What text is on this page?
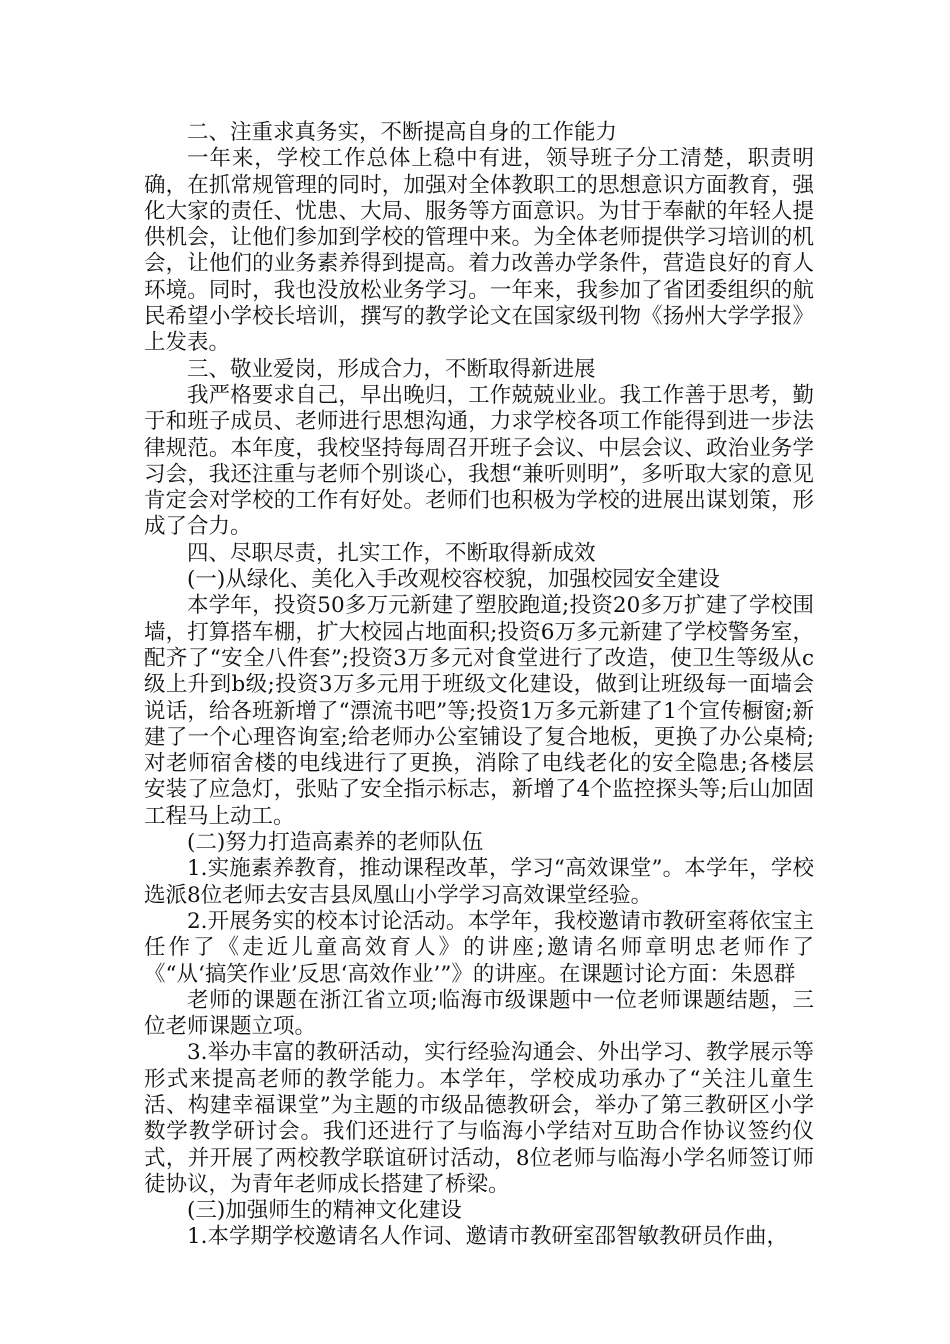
二、注重求真务实，不断提高自身的工作能力

一年来，学校工作总体上稳中有进，领导班子分工清楚，职责明确，在抓常规管理的同时，加强对全体教职工的思想意识方面教育，强化大家的责任、忧患、大局、服务等方面意识。为甘于奉献的年轻人提供机会，让他们参加到学校的管理中来。为全体老师提供学习培训的机会，让他们的业务素养得到提高。着力改善办学条件，营造良好的育人环境。同时，我也没放松业务学习。一年来，我参加了省团委组织的航民希望小学校长培训，撰写的教学论文在国家级刊物《扬州大学学报》上发表。

三、敬业爱岗，形成合力，不断取得新进展

我严格要求自己，早出晚归，工作兢兢业业。我工作善于思考，勤于和班子成员、老师进行思想沟通，力求学校各项工作能得到进一步法律规范。本年度，我校坚持每周召开班子会议、中层会议、政治业务学习会，我还注重与老师个别谈心，我想“兼听则明”，多听取大家的意见肯定会对学校的工作有好处。老师们也积极为学校的进展出谋划策，形成了合力。

四、尽职尽责，扎实工作，不断取得新成效

(一)从绿化、美化入手改观校容校貌，加强校园安全建设

本学年，投资50多万元新建了塑胶跑道;投资20多万扩建了学校围墙，打算搭车棚，扩大校园占地面积;投资6万多元新建了学校警务室，配齐了“安全八件套”;投资3万多元对食堂进行了改造，使卫生等级从c级上升到b级;投资3万多元用于班级文化建设，做到让班级每一面墙会说话，给各班新增了“漂流书吧”等;投资1万多元新建了1个宣传橱窗;新建了一个心理咨询室;给老师办公室铺设了复合地板，更换了办公桌椅;对老师宿舍楼的电线进行了更换，消除了电线老化的安全隐患;各楼层安装了应急灯，张贴了安全指示标志，新增了4个监控探头等;后山加固工程马上动工。

(二)努力打造高素养的老师队伍

1.实施素养教育，推动课程改革，学习“高效课堂”。本学年，学校选派8位老师去安吉县凤凰山小学学习高效课堂经验。

2.开展务实的校本讨论活动。本学年，我校邀请市教研室蒋依宝主任作了《走近儿童高效育人》的讲座;邀请名师章明忠老师作了《“从‘搞笑作业’反思‘高效作业’”》的讲座。在课题讨论方面：朱恩群

老师的课题在浙江省立项;临海市级课题中一位老师课题结题，三位老师课题立项。

3.举办丰富的教研活动，实行经验沟通会、外出学习、教学展示等形式来提高老师的教学能力。本学年，学校成功承办了“关注儿童生活、构建幸福课堂”为主题的市级品德教研会，举办了第三教研区小学数学教学研讨会。我们还进行了与临海小学结对互助合作协议签约仪式，并开展了两校教学联谊研讨活动，8位老师与临海小学名师签订师徒协议，为青年老师成长搭建了桥梁。

(三)加强师生的精神文化建设

1.本学期学校邀请名人作词、邀请市教研室邵智敏教研员作曲，
